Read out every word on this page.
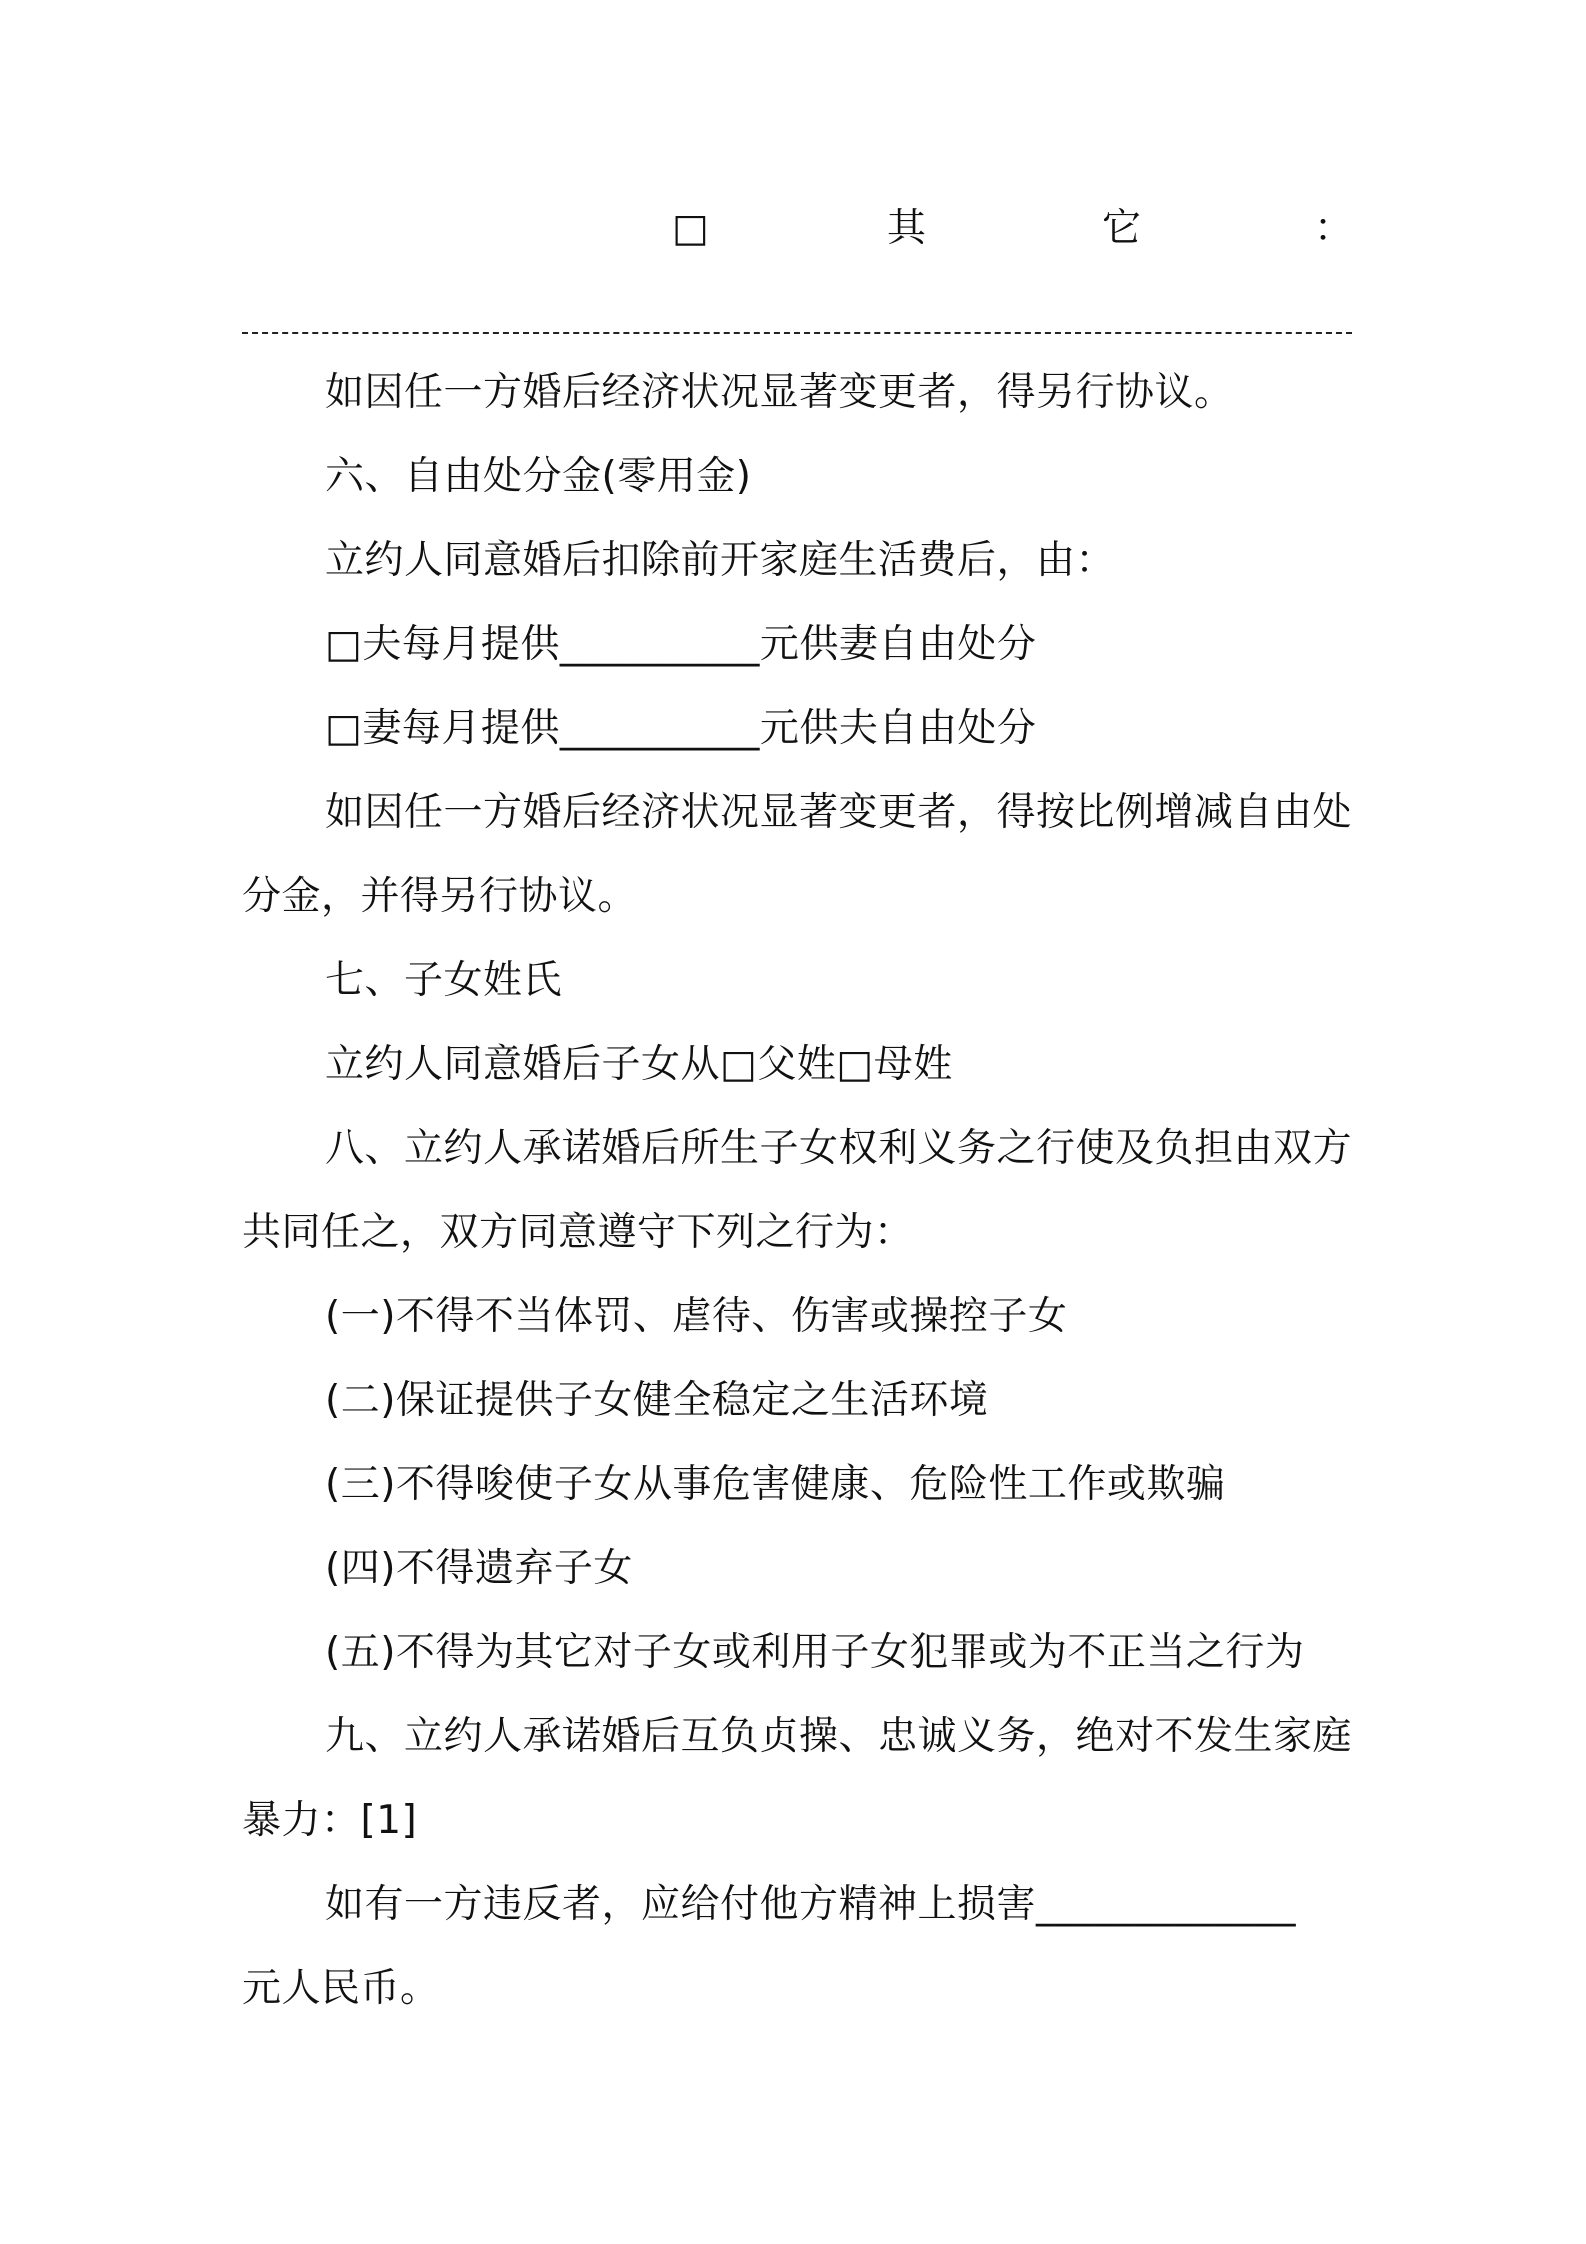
□	其	它	：
如因任一方婚后经济状况显著变更者，得另行协议。
六、自由处分金(零用金)
立约人同意婚后扣除前开家庭生活费后，由：
□夫每月提供__________元供妻自由处分
□妻每月提供__________元供夫自由处分
如因任一方婚后经济状况显著变更者，得按比例增减自由处
分金，并得另行协议。
七、子女姓氏
立约人同意婚后子女从□父姓□母姓
八、立约人承诺婚后所生子女权利义务之行使及负担由双方
共同任之，双方同意遵守下列之行为：
(一)不得不当体罚、虐待、伤害或操控子女
(二)保证提供子女健全稳定之生活环境
(三)不得唆使子女从事危害健康、危险性工作或欺骗
(四)不得遗弃子女
(五)不得为其它对子女或利用子女犯罪或为不正当之行为
九、立约人承诺婚后互负贞操、忠诚义务，绝对不发生家庭
暴力：[1]
如有一方违反者，应给付他方精神上损害_____________
元人民币。
